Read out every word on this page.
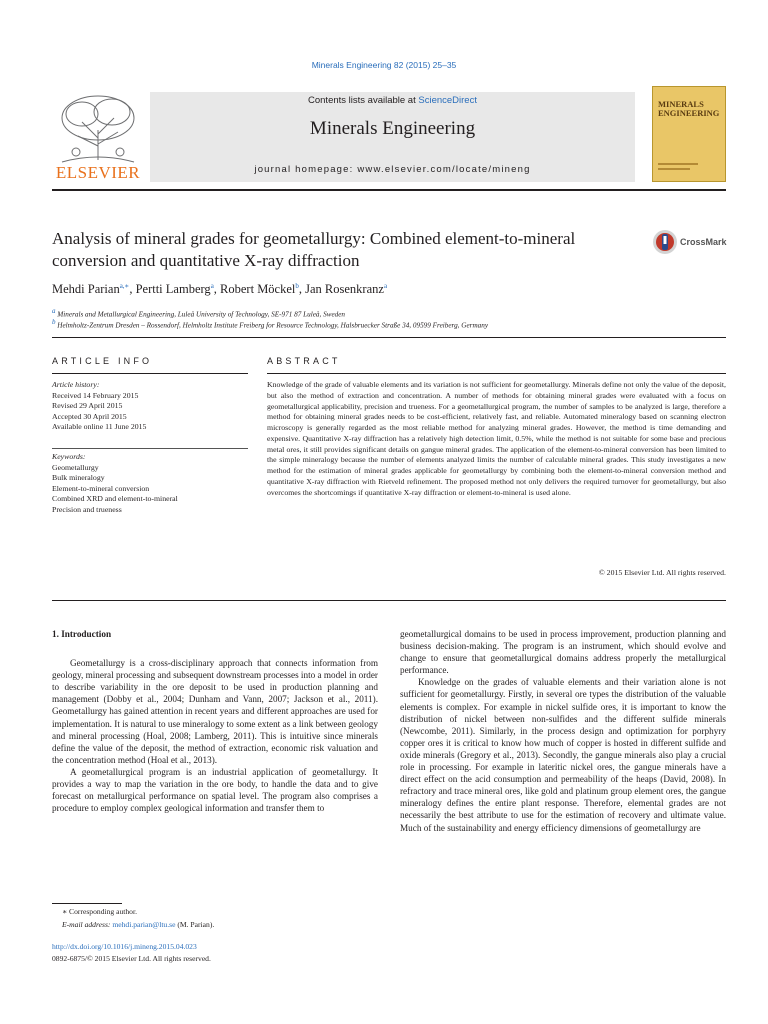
Minerals Engineering 82 (2015) 25–35
ELSEVIER
Contents lists available at ScienceDirect
Minerals Engineering
journal homepage: www.elsevier.com/locate/mineng
MINERALS ENGINEERING
Analysis of mineral grades for geometallurgy: Combined element-to-mineral conversion and quantitative X-ray diffraction
CrossMark
Mehdi Parian$^{a,∗}$, Pertti Lamberg$^a$, Robert Möckel$^b$, Jan Rosenkranz$^a$
$^a$ Minerals and Metallurgical Engineering, Luleå University of Technology, SE-971 87 Luleå, Sweden
$^b$ Helmholtz-Zentrum Dresden – Rossendorf, Helmholtz Institute Freiberg for Resource Technology, Halsbruecker Straße 34, 09599 Freiberg, Germany
ARTICLE INFO	ABSTRACT
Article history:
Received 14 February 2015
Revised 29 April 2015
Accepted 30 April 2015
Available online 11 June 2015
Keywords:
Geometallurgy
Bulk mineralogy
Element-to-mineral conversion
Combined XRD and element-to-mineral
Precision and trueness
Knowledge of the grade of valuable elements and its variation is not sufficient for geometallurgy. Minerals define not only the value of the deposit, but also the method of extraction and concentration. A number of methods for obtaining mineral grades were evaluated with a focus on geometallurgical applicability, precision and trueness. For a geometallurgical program, the number of samples to be analyzed is large, therefore a method for obtaining mineral grades needs to be cost-efficient, relatively fast, and reliable. Automated mineralogy based on scanning electron microscopy is generally regarded as the most reliable method for analyzing mineral grades. However, the method is time demanding and expensive. Quantitative X-ray diffraction has a relatively high detection limit, 0.5%, while the method is not suitable for some base and precious metal ores, it still provides significant details on gangue mineral grades. The application of the element-to-mineral conversion has been limited to the simple mineralogy because the number of elements analyzed limits the number of calculable mineral grades. This study investigates a new method for the estimation of mineral grades applicable for geometallurgy by combining both the element-to-mineral conversion method and quantitative X-ray diffraction with Rietveld refinement. The proposed method not only delivers the required turnover for geometallurgy, but also overcomes the shortcomings if quantitative X-ray diffraction or element-to-mineral is used alone.
© 2015 Elsevier Ltd. All rights reserved.
1. Introduction

Geometallurgy is a cross-disciplinary approach that connects information from geology, mineral processing and subsequent downstream processes into a model in order to describe variability in the ore deposit to be used in production planning and management (Dobby et al., 2004; Dunham and Vann, 2007; Jackson et al., 2011). Geometallurgy has gained attention in recent years and different approaches are used for implementation. It is natural to use mineralogy to some extent as a link between geology and mineral processing (Hoal, 2008; Lamberg, 2011). This is intuitive since minerals define the value of the deposit, the method of extraction, economic risk valuation and the concentration method (Hoal et al., 2013).

A geometallurgical program is an industrial application of geometallurgy. It provides a way to map the variation in the ore body, to handle the data and to give forecast on metallurgical performance on spatial level. The program also comprises a procedure to employ complex geological information and transfer them to

geometallurgical domains to be used in process improvement, production planning and business decision-making. The program is an instrument, which should evolve and change to ensure that geometallurgical domains address properly the metallurgical performance.

Knowledge on the grades of valuable elements and their variation alone is not sufficient for geometallurgy. Firstly, in several ore types the distribution of the valuable elements is complex. For example in nickel sulfide ores, it is important to know the distribution of nickel between non-sulfides and the different sulfide minerals (Newcombe, 2011). Similarly, in the process design and optimization for porphyry copper ores it is critical to know how much of copper is hosted in different sulfide and oxide minerals (Gregory et al., 2013). Secondly, the gangue minerals also play a crucial role in processing. For example in lateritic nickel ores, the gangue minerals have a direct effect on the acid consumption and permeability of the heaps (David, 2008). In refractory and trace mineral ores, like gold and platinum group element ores, the gangue mineralogy defines the entire plant response. Therefore, elemental grades are not necessarily the best attribute to use for the estimation of recovery and ultimate value. Much of the sustainability and energy efficiency dimensions of geometallurgy are

∗ Corresponding author.
E-mail address: mehdi.parian@ltu.se (M. Parian).
http://dx.doi.org/10.1016/j.mineng.2015.04.023
0892-6875/© 2015 Elsevier Ltd. All rights reserved.
